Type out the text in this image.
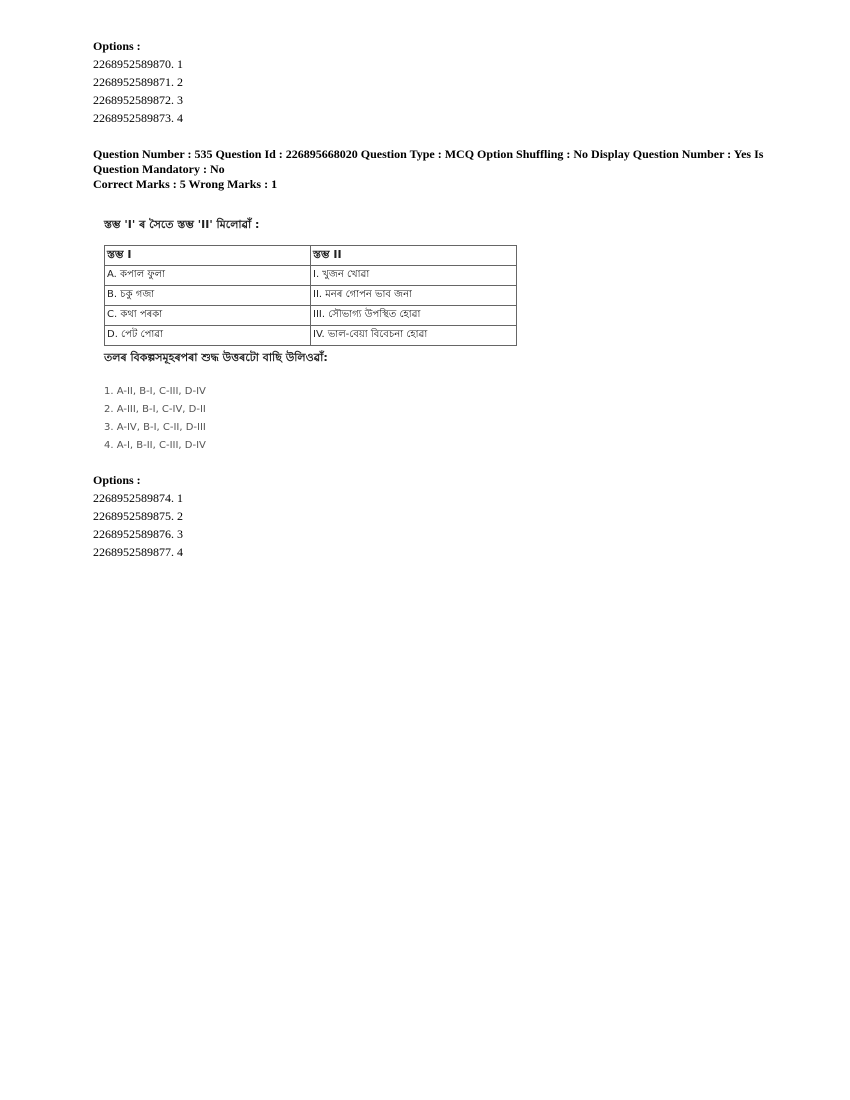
Options :
2268952589870. 1
2268952589871. 2
2268952589872. 3
2268952589873. 4
Question Number : 535 Question Id : 226895668020 Question Type : MCQ Option Shuffling : No Display Question Number : Yes Is
Question Mandatory : No
Correct Marks : 5 Wrong Marks : 1

স্তম্ভ 'I' ৰ সৈতে স্তম্ভ 'II' মিলোৱাঁ :

স্তম্ভ I	স্তম্ভ II
A. কপাল ফুলা	I. খুজন খোৱা
B. চকু গজা	II. মনৰ গোপন ভাব জনা
C. কথা পৰকা	III. সৌভাগ্য উপস্থিত হোৱা
D. পেট পোৱা	IV. ভাল-বেয়া বিবেচনা হোৱা

তলৰ বিকল্পসমূহৰপৰা শুদ্ধ উত্তৰটো বাছি উলিওৱাঁ:

1. A-II, B-I, C-III, D-IV
2. A-III, B-I, C-IV, D-II
3. A-IV, B-I, C-II, D-III
4. A-I, B-II, C-III, D-IV
Options :
2268952589874. 1
2268952589875. 2
2268952589876. 3
2268952589877. 4
